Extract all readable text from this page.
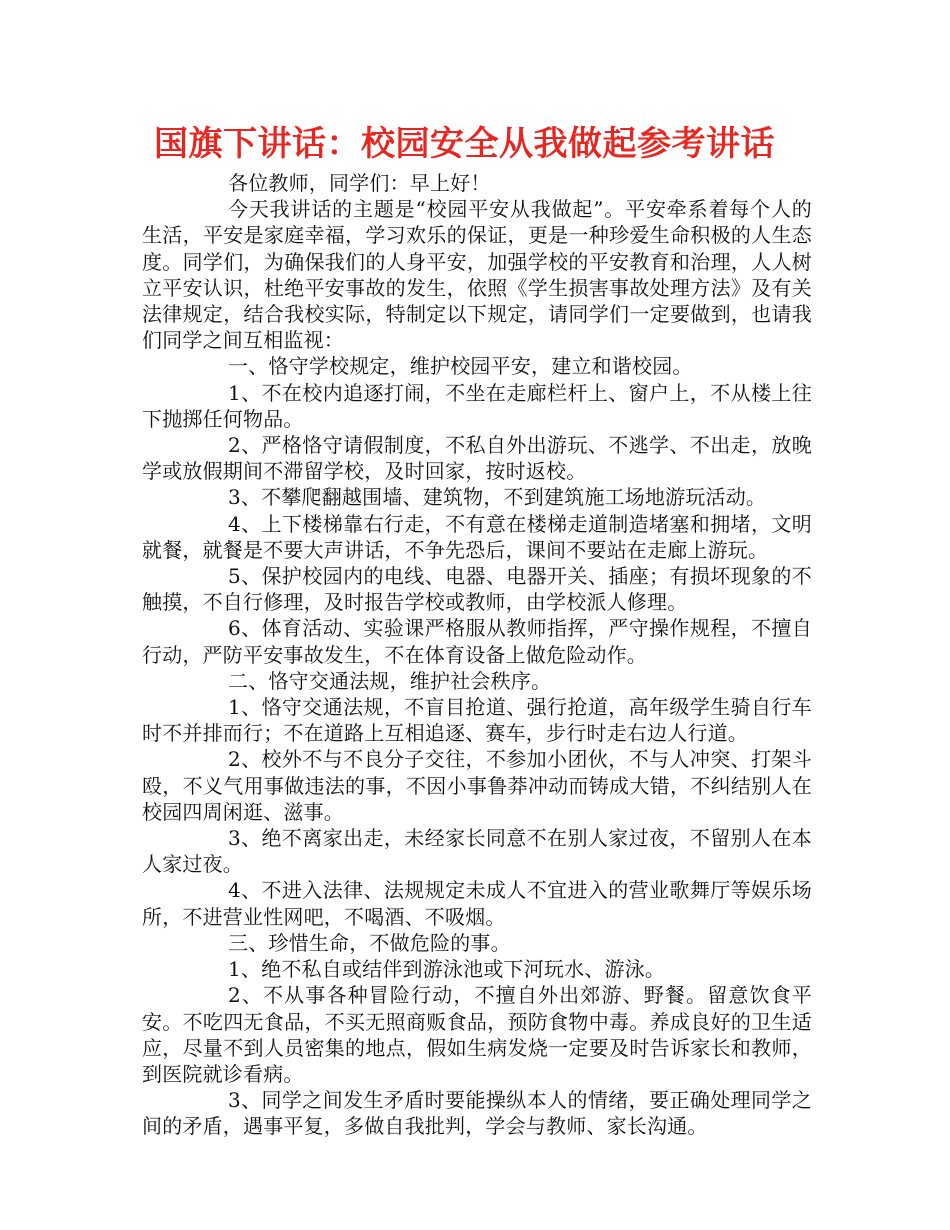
国旗下讲话：校园安全从我做起参考讲话

各位教师，同学们：早上好！

今天我讲话的主题是“校园平安从我做起”。平安牵系着每个人的生活，平安是家庭幸福，学习欢乐的保证，更是一种珍爱生命积极的人生态度。同学们，为确保我们的人身平安，加强学校的平安教育和治理，人人树立平安认识，杜绝平安事故的发生，依照《学生损害事故处理方法》及有关法律规定，结合我校实际，特制定以下规定，请同学们一定要做到，也请我们同学之间互相监视：

一、恪守学校规定，维护校园平安，建立和谐校园。

1、不在校内追逐打闹，不坐在走廊栏杆上、窗户上，不从楼上往下抛掷任何物品。

2、严格恪守请假制度，不私自外出游玩、不逃学、不出走，放晚学或放假期间不滞留学校，及时回家，按时返校。

3、不攀爬翻越围墙、建筑物，不到建筑施工场地游玩活动。

4、上下楼梯靠右行走，不有意在楼梯走道制造堵塞和拥堵，文明就餐，就餐是不要大声讲话，不争先恐后，课间不要站在走廊上游玩。

5、保护校园内的电线、电器、电器开关、插座；有损坏现象的不触摸，不自行修理，及时报告学校或教师，由学校派人修理。

6、体育活动、实验课严格服从教师指挥，严守操作规程，不擅自行动，严防平安事故发生，不在体育设备上做危险动作。

二、恪守交通法规，维护社会秩序。

1、恪守交通法规，不盲目抢道、强行抢道，高年级学生骑自行车时不并排而行；不在道路上互相追逐、赛车，步行时走右边人行道。

2、校外不与不良分子交往，不参加小团伙，不与人冲突、打架斗殴，不义气用事做违法的事，不因小事鲁莽冲动而铸成大错，不纠结别人在校园四周闲逛、滋事。

3、绝不离家出走，未经家长同意不在别人家过夜，不留别人在本人家过夜。

4、不进入法律、法规规定未成人不宜进入的营业歌舞厅等娱乐场所，不进营业性网吧，不喝酒、不吸烟。

三、珍惜生命，不做危险的事。

1、绝不私自或结伴到游泳池或下河玩水、游泳。

2、不从事各种冒险行动，不擅自外出郊游、野餐。留意饮食平安。不吃四无食品，不买无照商贩食品，预防食物中毒。养成良好的卫生适应，尽量不到人员密集的地点，假如生病发烧一定要及时告诉家长和教师，到医院就诊看病。

3、同学之间发生矛盾时要能操纵本人的情绪，要正确处理同学之间的矛盾，遇事平复，多做自我批判，学会与教师、家长沟通。
